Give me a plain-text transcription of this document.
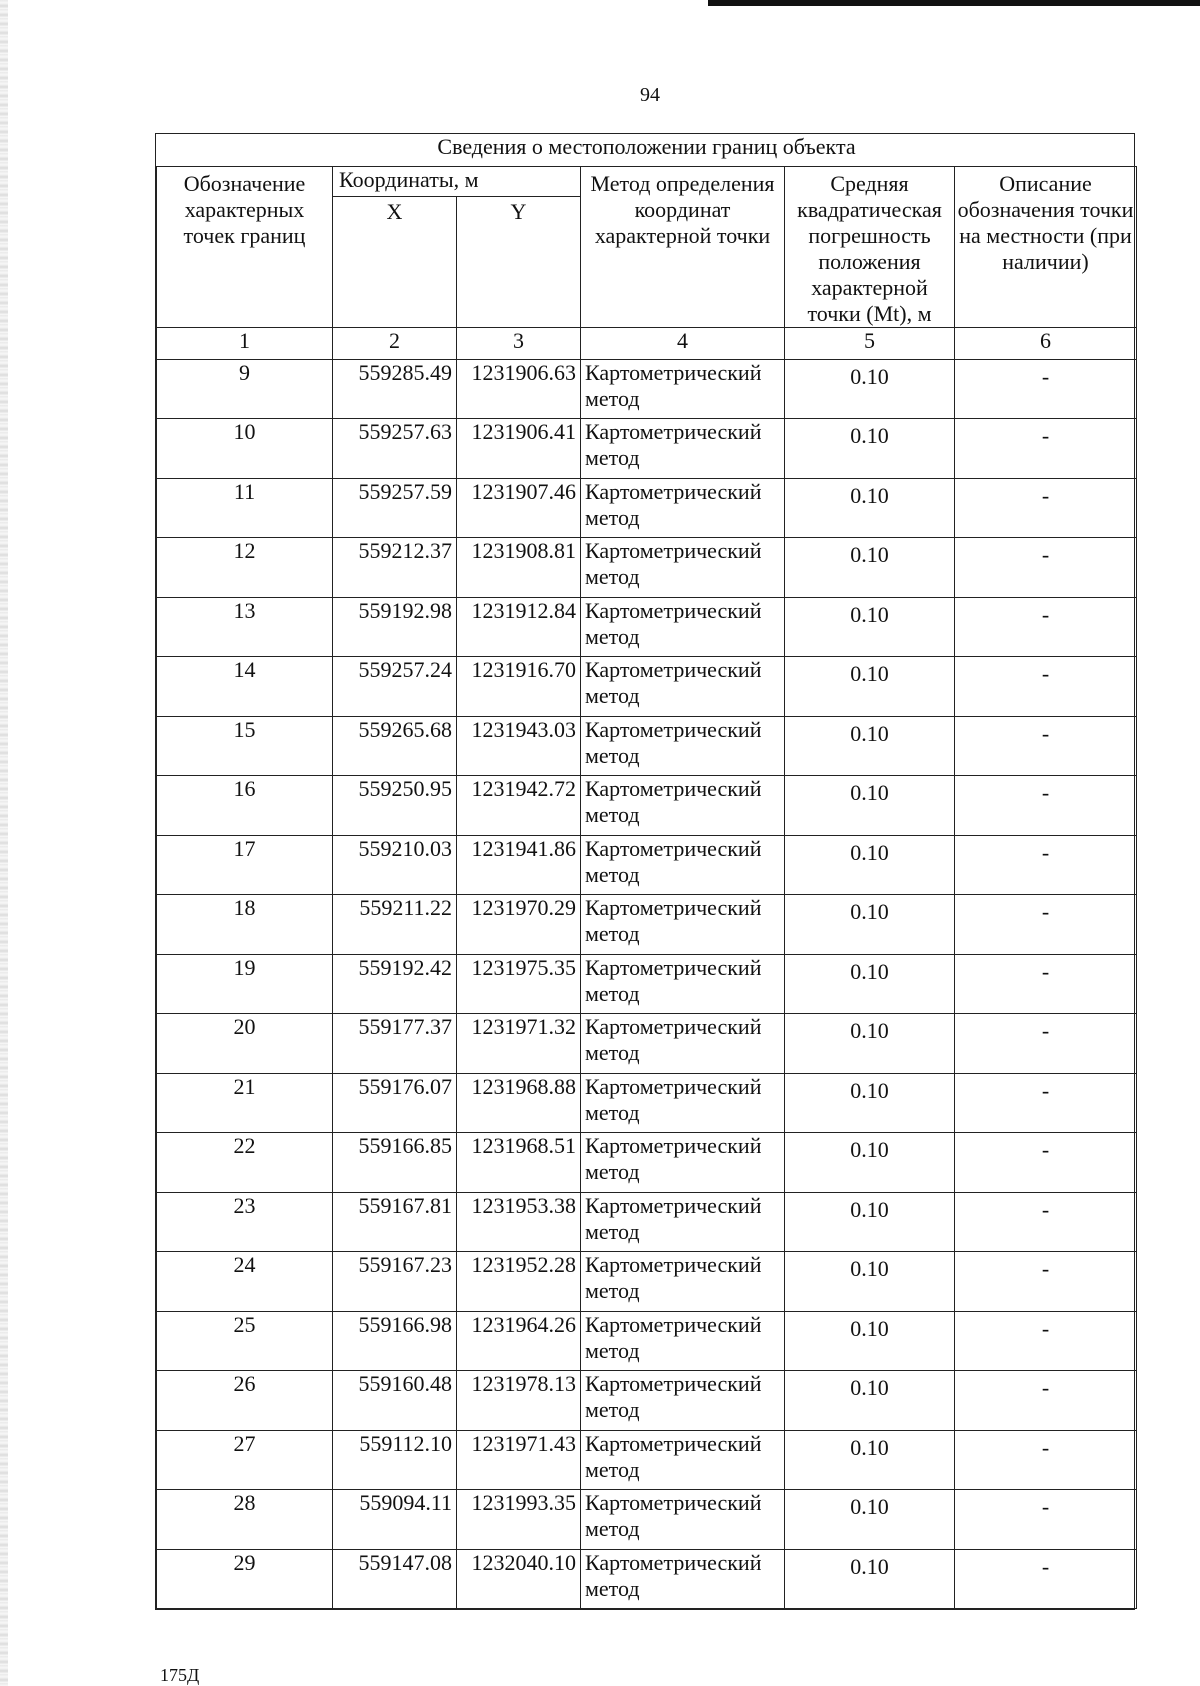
94
Сведения о местоположении границ объекта					
Обозначение характерных точек границ	Координаты, м		Метод определения координат характерной точки	Средняя квадратическая погрешность положения характерной точки (Mt), м	Описание обозначения точки на местности (при наличии)
	X	Y			
1	2	3	4	5	6
9	559285.49	1231906.63	Картометрический метод	0.10	-
10	559257.63	1231906.41	Картометрический метод	0.10	-
11	559257.59	1231907.46	Картометрический метод	0.10	-
12	559212.37	1231908.81	Картометрический метод	0.10	-
13	559192.98	1231912.84	Картометрический метод	0.10	-
14	559257.24	1231916.70	Картометрический метод	0.10	-
15	559265.68	1231943.03	Картометрический метод	0.10	-
16	559250.95	1231942.72	Картометрический метод	0.10	-
17	559210.03	1231941.86	Картометрический метод	0.10	-
18	559211.22	1231970.29	Картометрический метод	0.10	-
19	559192.42	1231975.35	Картометрический метод	0.10	-
20	559177.37	1231971.32	Картометрический метод	0.10	-
21	559176.07	1231968.88	Картометрический метод	0.10	-
22	559166.85	1231968.51	Картометрический метод	0.10	-
23	559167.81	1231953.38	Картометрический метод	0.10	-
24	559167.23	1231952.28	Картометрический метод	0.10	-
25	559166.98	1231964.26	Картометрический метод	0.10	-
26	559160.48	1231978.13	Картометрический метод	0.10	-
27	559112.10	1231971.43	Картометрический метод	0.10	-
28	559094.11	1231993.35	Картометрический метод	0.10	-
29	559147.08	1232040.10	Картометрический метод	0.10	-
175Д
